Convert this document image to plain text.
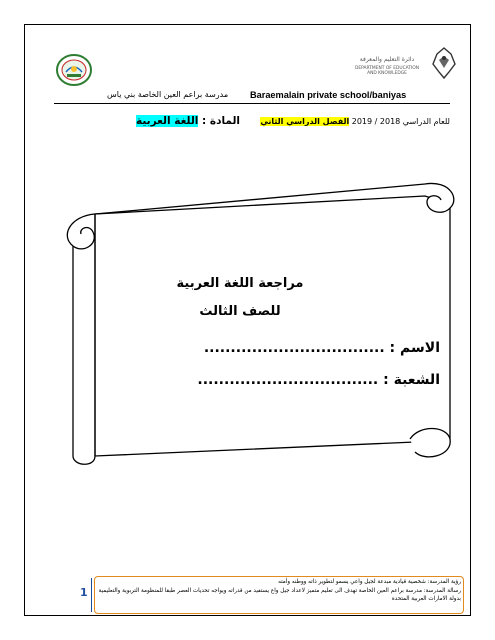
دائرة التعليم والمعرفة
DEPARTMENT OF EDUCATION
AND KNOWLEDGE
Baraemalain private school/baniyas
مدرسة براعم العين الخاصة بني ياس
للعام الدراسي 2018 / 2019 الفصل الدراسي الثاني
المادة : اللغة العربية
مراجعة اللغة العربية
للصف الثالث
الاسم : ..................................
الشعبة : ..................................
1
رؤية المدرسة: شخصية قيادية مبدعة لجيل واعي يسمو لتطوير ذاته ووطنه وأمته
رسالة المدرسة: مدرسة براعم العين الخاصة تهدف الى تعليم متميز لاعداد جيل واع يستفيد من قدراته ويواجه تحديات العصر طبقا للمنظومة التربوية والتعليمية بدولة الامارات العربية المتحدة
